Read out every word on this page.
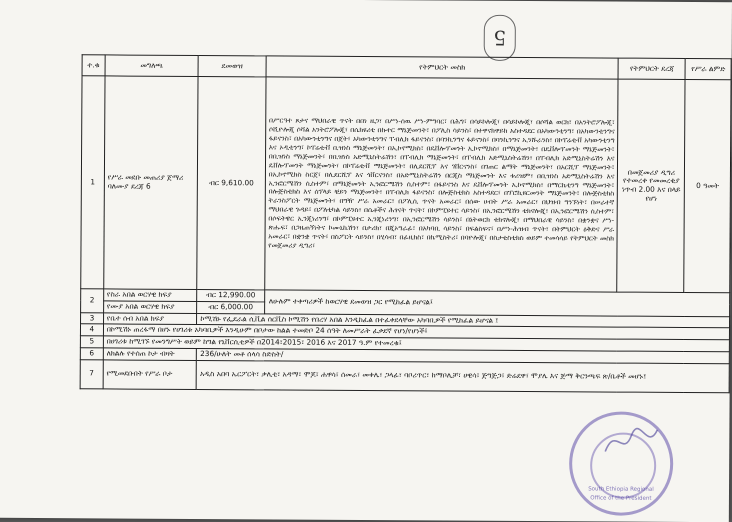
5
ተ.ቁ	መግለጫ	ደመወዝ	የትምህርት መስክ	የትምህርት ደረጃ	የሥራ ልምድ
1	የሥራ መደቡ መጠሪያ ጀማሪ ባለሙያ ደረጃ 6	ብር 9,610.00	በሥርዓተ ጾታና ማህበራዊ ጥናት በበነ ዜጋ፣ በሥነ-ሰዉ ሥነ-ምግባር፣ በሕግ፣ በሳይኮሎጂ፣ በሳይኮሎጂ፣ በሶሻል ወርክ፣ በአንትሮፖሎጂ፣ ሶሺዮሎጂ ሶሻል አንትሮፖሎጂ፣ በሴክዩሪቲ በኩተር ማኔጅመንት፣ በፖሊስ ሳይንስ፣ በተዋናክዋይክ አስተዳደር በአካውንቲንግ፣ በአካውንቲንግና ፋይናንስ፣ በአካውንቲንግና በጀት፣ አካውንቲንግና ፐብሊክ ፋይናንስ፣ በባንኪንግና ፋይናንስ፣ በባንኪንግና ኢንሹራንስ፣ በኮፐሬቲቭ አካውንቲንግ እና ኦዲቲንግ፣ ኮፐሬቲቭ ቢዝነስ ማኔጅመንት፣ በኢኮኖሚክስ፣ በዴቨሎፕመንት ኢኮኖሚክስ፣ በማኔጅመንት፣ በዴቨሎፕመንት ማኔጅመንት፣ በቢዝነስ ማኔጅመንት፣ በቢዝነስ አድሚኒስትሬሽን፣ በፐብሊክ ማኔጅመንት፣ በፐብሊክ አድሚኒስትሬሽን፣ በፐብሊክ አድሚኒስትሬሽን እና ዴቨሎፕመንት ማኔጅመንት፣ በኮፐሬቲቭ ማኔጅመንት፣ በሊደርሺፕ እና ገቨርናንስ፣ በገጠር ልማት ማኔጅመንት፣ በአርሺፕ ማኔጅመንት፣ በኢኮኖሚክስ ስርጀ፣ በሊደርሺፕ እና ጎቨርናንስ፣ በአድሚኒስትሬሽን በርጂስ ማኔጅመንት እና ቱሪዝም፣ በቢዝነስ አድሚኒስትሬሽን እና ኢንፎርሜሽን ሲስተም፣ በማኔጅመንት ኢንፎርሜሽን ሲስተም፣ በፋይናንስ እና ዴቨሎፕመንት ኢኮኖሚክስ፣ በማርኬቲንግ ማኔጅመንት፣ በሎጅስቲክስ እና ሰፕላይ ቼይን ማኔጅመንት፣ በፐብሊክ ፋይናንስ፣ በሎጅስቲክስ አስተዳደር፣ በፕሮኪዩርመንት ማኔጅመንት፣ በሎጅስቲክስ ትራንስፖርት ማኔጅመንት፣ በግዥ ሥራ አመራር፣ በፖሊሲ ጥናት አመራር፣ በሰው ሀብት ሥራ አመራር፣ በህዝብ ግንኙነት፣ በሠራተኛ ማህበራዊ ጉዳይ፣ በፖለቲካል ሳይንስ፣ በሴቶችና ሕፃናት ጥናት፣ በኮምፒዩተር ሳይንስ፣ በኢንፎርሜሽን ቴክኖሎጂ፣ በኢንፎርሜሽን ሲስተም፣ በሶፍትዌር ኢንጂነሪንግ፣ በኮምፒዩተር ኢንጂነሪንግ፣ በኢንፎርሜሽን ሳይንስ፣ በኔትወርክ ቴክኖሎጂ፣ በማህበራዊ ሳይንስ፣ በቋንቋና ሥነ-ጽሑፍ፣ በጋዜጠኝነትና ኮሙኒኬሽን፣ በታሪክ፣ በጂኦግራፊ፣ በአካባቢ ሳይንስ፣ በፍልስፍና፣ በሥነ-ሕዝብ ጥናት፣ በትምህርት ዕቅድና ሥራ አመራር፣ በቋንቋ ጥናት፣ በስፖርት ሳይንስ፣ በሂሳብ፣ በፊዚክስ፣ በኬሚስትሪ፣ በባዮሎጂ፣ በስታቲስቲክስ ወይም ተመሳሳይ የትምህርት መስክ የመጀመሪያ ዲግሪ፣	በመጀመሪያ ዲግሪ የተመረቀ የመመረቂያ ነጥብ 2.00 እና በላይ የሆነ	0 ዓመት
2	የስራ አበል ወርሃዊ ክፍያ	ብር 12,990.00	ለሁሉም ተቀጣሪዎች ከወርሃዊ ደመወዝ ጋር የሚከፈል ይሆናል፤		
	የሙያ አበል ወርሃዊ ክፍያ	ብር 6,000.00			
3	የቤተ ሰብ አበል ክፍያ	ኮሚሽኑ የፌደራል ሲቪል ሰርቪስ ኮሚሽን የበረሃ አበል እንዲከፈል በተፈቀደላቸው አካባቢዎች የሚከፈል ይሆናል ፤			
4	በኮሚሽኑ ጠረፋማ በሆኑ የሀገሪቱ አካባቢዎች እንዲሁም በቦታው ከልል ተመድቦ 24 ሰዓት ለመሥራት ፈቃደኛ የሆነ/የሆነች፤				
5	በሀገሪቱ ከሚገኙ የመንግሥት ወይም ከግል የኒቨርሲቲዎች በ2014፣2015፣ 2016 እና 2017 ዓ.ም የተመረቁ፤				
6	ለክልሉ የተሰጠ ኮታ ብዛት	236/ሁለት መቶ ሰላሳ ስድስት/			
7	የሚመደቡበት የሥራ ቦታ	አዲስ አበባ ኤርፖርት፣ ቃሊቲ፣ አዳማ፣ ሞጆ፣ ሐዋሳ፣ ሰመራ፣ መቀሌ፣ ጋላፊ፣ ባቦሪጥር፣ ከማቦሊቻ፣ ሀዊሳ፣ ጅግጅጋ፣ ድሬደዋ፣ ሞያሌ እና ጅማ ቅርንጫፍ ጽ/ቤቶች መሆኑ፤			
South Ethiopia Regional
Office of the President
